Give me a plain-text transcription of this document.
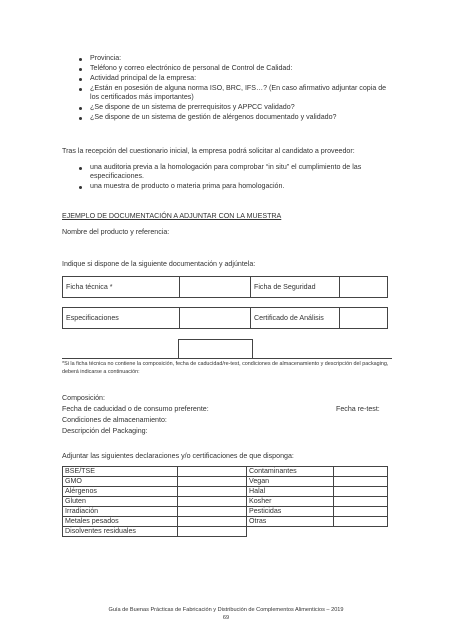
Provincia:
Teléfono y correo electrónico de personal de Control de Calidad:
Actividad principal de la empresa:
¿Están en posesión de alguna norma ISO, BRC, IFS…? (En caso afirmativo adjuntar copia de los certificados más importantes)
¿Se dispone de un sistema de prerrequisitos y APPCC validado?
¿Se dispone de un sistema de gestión de alérgenos documentado y validado?
Tras la recepción del cuestionario inicial, la empresa podrá solicitar al candidato a proveedor:
una auditoria previa a la homologación para comprobar “in situ” el cumplimiento de las especificaciones.
una muestra de producto o materia prima para homologación.
EJEMPLO DE DOCUMENTACIÓN A ADJUNTAR CON LA MUESTRA
Nombre del producto y referencia:
Indique si dispone de la siguiente documentación y adjúntela:
Ficha técnica *		Ficha de Seguridad	
Especificaciones		Certificado de Análisis	
*Si la ficha técnica no contiene la composición, fecha de caducidad/re-test, condiciones de almacenamiento y descripción del packaging, deberá indicarse a continuación:
Composición:
Fecha de caducidad o de consumo preferente:	Fecha re-test:
Condiciones de almacenamiento:
Descripción del Packaging:
Adjuntar las siguientes declaraciones y/o certificaciones de que disponga:
BSE/TSE		Contaminantes	
GMO		Vegan	
Alérgenos		Halal	
Gluten		Kosher	
Irradiación		Pesticidas	
Metales pesados		Otras	
Disolventes residuales			
Guía de Buenas Prácticas de Fabricación y Distribución de Complementos Alimenticios – 2019
69
